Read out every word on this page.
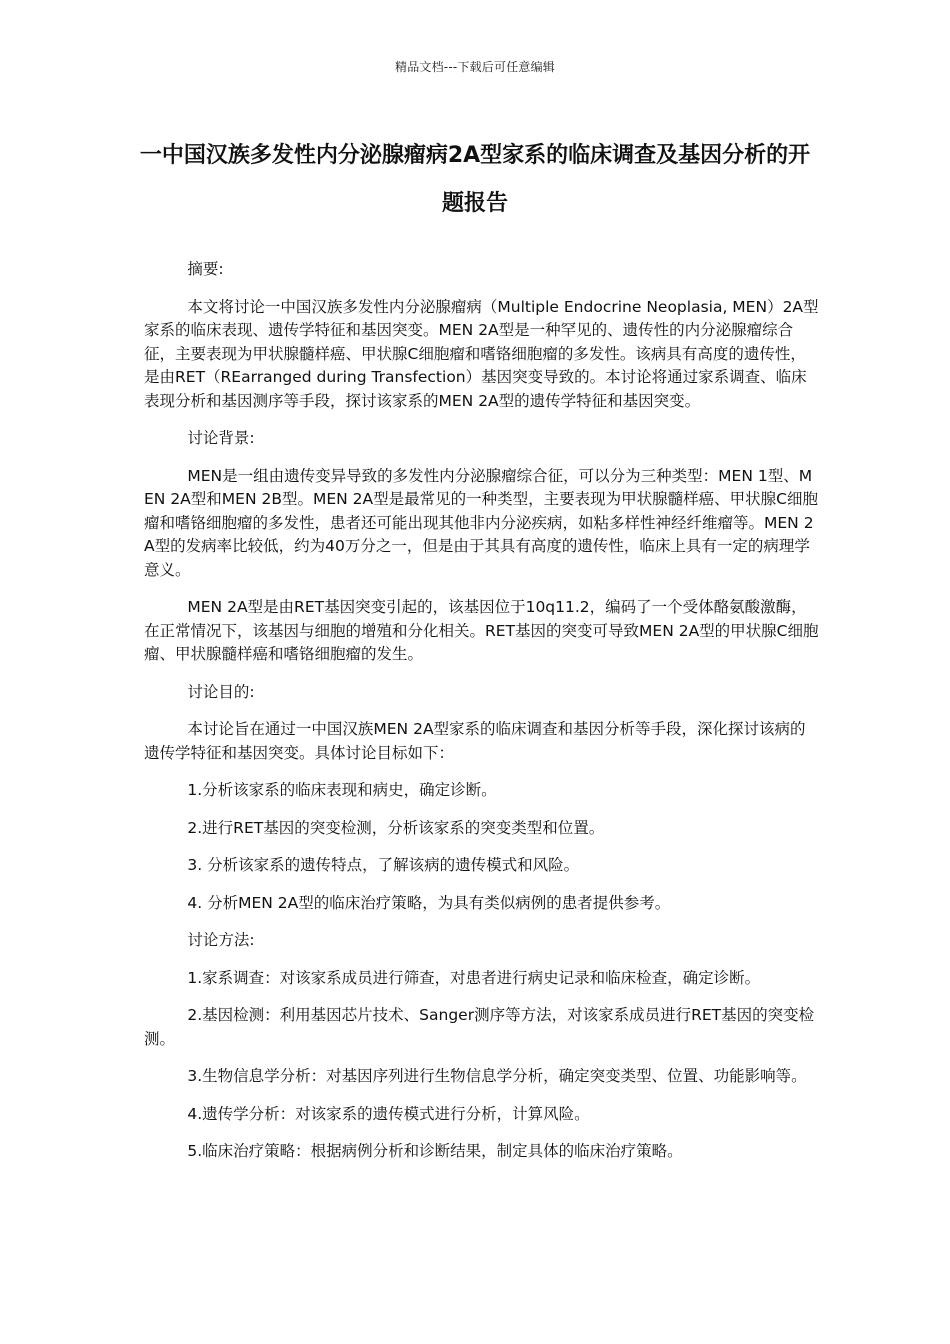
精品文档---下载后可任意编辑
一中国汉族多发性内分泌腺瘤病2A型家系的临床调查及基因分析的开题报告

摘要:

本文将讨论一中国汉族多发性内分泌腺瘤病（Multiple Endocrine Neoplasia, MEN）2A型家系的临床表现、遗传学特征和基因突变。MEN 2A型是一种罕见的、遗传性的内分泌腺瘤综合征，主要表现为甲状腺髓样癌、甲状腺C细胞瘤和嗜铬细胞瘤的多发性。该病具有高度的遗传性，是由RET（REarranged during Transfection）基因突变导致的。本讨论将通过家系调查、临床表现分析和基因测序等手段，探讨该家系的MEN 2A型的遗传学特征和基因突变。

讨论背景:

MEN是一组由遗传变异导致的多发性内分泌腺瘤综合征，可以分为三种类型：MEN 1型、MEN 2A型和MEN 2B型。MEN 2A型是最常见的一种类型，主要表现为甲状腺髓样癌、甲状腺C细胞瘤和嗜铬细胞瘤的多发性，患者还可能出现其他非内分泌疾病，如粘多样性神经纤维瘤等。MEN 2A型的发病率比较低，约为40万分之一，但是由于其具有高度的遗传性，临床上具有一定的病理学意义。

MEN 2A型是由RET基因突变引起的，该基因位于10q11.2，编码了一个受体酪氨酸激酶，在正常情况下，该基因与细胞的增殖和分化相关。RET基因的突变可导致MEN 2A型的甲状腺C细胞瘤、甲状腺髓样癌和嗜铬细胞瘤的发生。

讨论目的:

本讨论旨在通过一中国汉族MEN 2A型家系的临床调查和基因分析等手段，深化探讨该病的遗传学特征和基因突变。具体讨论目标如下：

1.分析该家系的临床表现和病史，确定诊断。

2.进行RET基因的突变检测，分析该家系的突变类型和位置。

3. 分析该家系的遗传特点，了解该病的遗传模式和风险。

4. 分析MEN 2A型的临床治疗策略，为具有类似病例的患者提供参考。

讨论方法:

1.家系调查：对该家系成员进行筛查，对患者进行病史记录和临床检查，确定诊断。

2.基因检测：利用基因芯片技术、Sanger测序等方法，对该家系成员进行RET基因的突变检测。

3.生物信息学分析：对基因序列进行生物信息学分析，确定突变类型、位置、功能影响等。

4.遗传学分析：对该家系的遗传模式进行分析，计算风险。

5.临床治疗策略：根据病例分析和诊断结果，制定具体的临床治疗策略。
